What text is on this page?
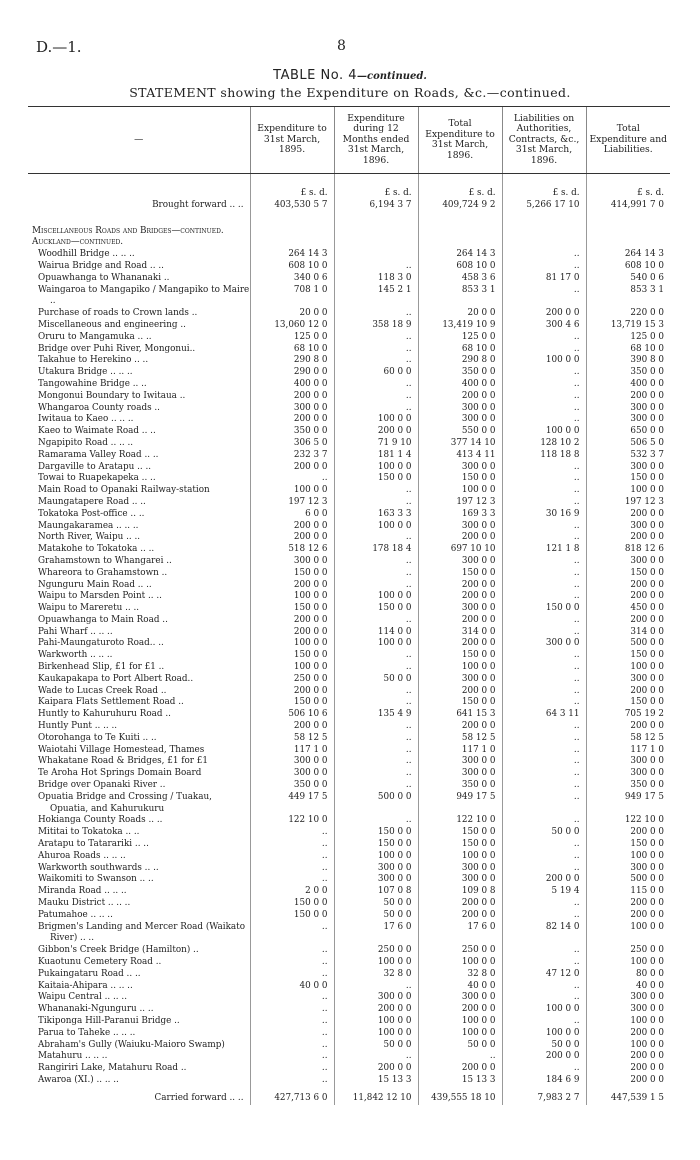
D.—1.	8
TABLE No. 4—continued.
STATEMENT showing the Expenditure on Roads, &c.—continued.
—	Expenditure to 31st March, 1895.	Expenditure during 12 Months ended 31st March, 1896.	Total Expenditure to 31st March, 1896.	Liabilities on Authorities, Contracts, &c., 31st March, 1896.	Total Expenditure and Liabilities.
	£ s. d.	£ s. d.	£ s. d.	£ s. d.	£ s. d.
Brought forward .. ..	403,530 5 7	6,194 3 7	409,724 9 2	5,266 17 10	414,991 7 0
Miscellaneous Roads and Bridges—continued.					
Auckland—continued.					
Woodhill Bridge .. .. ..	264 14 3		264 14 3	..	264 14 3
Wairua Bridge and Road .. ..	608 10 0	..	608 10 0	..	608 10 0
Opuawhanga to Whananaki ..	340 0 6	118 3 0	458 3 6	81 17 0	540 0 6
Waingaroa to Mangapiko / Mangapiko to Maire ..	708 1 0	145 2 1	853 3 1	..	853 3 1
Purchase of roads to Crown lands ..	20 0 0	..	20 0 0	200 0 0	220 0 0
Miscellaneous and engineering ..	13,060 12 0	358 18 9	13,419 10 9	300 4 6	13,719 15 3
Oruru to Mangamuka .. ..	125 0 0	..	125 0 0	..	125 0 0
Bridge over Puhi River, Mongonui..	68 10 0	..	68 10 0	..	68 10 0
Takahue to Herekino .. ..	290 8 0	..	290 8 0	100 0 0	390 8 0
Utakura Bridge .. .. ..	290 0 0	60 0 0	350 0 0	..	350 0 0
Tangowahine Bridge .. ..	400 0 0	..	400 0 0	..	400 0 0
Mongonui Boundary to Iwitaua ..	200 0 0	..	200 0 0	..	200 0 0
Whangaroa County roads ..	300 0 0	..	300 0 0	..	300 0 0
Iwitaua to Kaeo .. .. ..	200 0 0	100 0 0	300 0 0	..	300 0 0
Kaeo to Waimate Road .. ..	350 0 0	200 0 0	550 0 0	100 0 0	650 0 0
Ngapipito Road .. .. ..	306 5 0	71 9 10	377 14 10	128 10 2	506 5 0
Ramarama Valley Road .. ..	232 3 7	181 1 4	413 4 11	118 18 8	532 3 7
Dargaville to Aratapu .. ..	200 0 0	100 0 0	300 0 0	..	300 0 0
Towai to Ruapekapeka .. ..	..	150 0 0	150 0 0	..	150 0 0
Main Road to Opanaki Railway-station	100 0 0	..	100 0 0	..	100 0 0
Maungatapere Road .. ..	197 12 3	..	197 12 3	..	197 12 3
Tokatoka Post-office .. ..	6 0 0	163 3 3	169 3 3	30 16 9	200 0 0
Maungakaramea .. .. ..	200 0 0	100 0 0	300 0 0	..	300 0 0
North River, Waipu .. ..	200 0 0	..	200 0 0	..	200 0 0
Matakohe to Tokatoka .. ..	518 12 6	178 18 4	697 10 10	121 1 8	818 12 6
Grahamstown to Whangarei ..	300 0 0	..	300 0 0	..	300 0 0
Whareora to Grahamstown ..	150 0 0	..	150 0 0	..	150 0 0
Ngunguru Main Road .. ..	200 0 0	..	200 0 0	..	200 0 0
Waipu to Marsden Point .. ..	100 0 0	100 0 0	200 0 0	..	200 0 0
Waipu to Mareretu .. ..	150 0 0	150 0 0	300 0 0	150 0 0	450 0 0
Opuawhanga to Main Road ..	200 0 0	..	200 0 0	..	200 0 0
Pahi Wharf .. .. ..	200 0 0	114 0 0	314 0 0	..	314 0 0
Pahi-Maungaturoto Road.. ..	100 0 0	100 0 0	200 0 0	300 0 0	500 0 0
Warkworth .. .. ..	150 0 0	..	150 0 0	..	150 0 0
Birkenhead Slip, £1 for £1 ..	100 0 0	..	100 0 0	..	100 0 0
Kaukapakapa to Port Albert Road..	250 0 0	50 0 0	300 0 0	..	300 0 0
Wade to Lucas Creek Road ..	200 0 0	..	200 0 0	..	200 0 0
Kaipara Flats Settlement Road ..	150 0 0	..	150 0 0	..	150 0 0
Huntly to Kahuruhuru Road ..	506 10 6	135 4 9	641 15 3	64 3 11	705 19 2
Huntly Punt .. .. ..	200 0 0	..	200 0 0	..	200 0 0
Otorohanga to Te Kuiti .. ..	58 12 5	..	58 12 5	..	58 12 5
Waiotahi Village Homestead, Thames	117 1 0	..	117 1 0	..	117 1 0
Whakatane Road & Bridges, £1 for £1	300 0 0	..	300 0 0	..	300 0 0
Te Aroha Hot Springs Domain Board	300 0 0	..	300 0 0	..	300 0 0
Bridge over Opanaki River ..	350 0 0	..	350 0 0	..	350 0 0
Opuatia Bridge and Crossing / Tuakau, Opuatia, and Kahurukuru	449 17 5	500 0 0	949 17 5	..	949 17 5
Hokianga County Roads .. ..	122 10 0	..	122 10 0	..	122 10 0
Mititai to Tokatoka .. ..	..	150 0 0	150 0 0	50 0 0	200 0 0
Aratapu to Tatarariki .. ..	..	150 0 0	150 0 0	..	150 0 0
Ahuroa Roads .. .. ..	..	100 0 0	100 0 0	..	100 0 0
Warkworth southwards .. ..	..	300 0 0	300 0 0	..	300 0 0
Waikomiti to Swanson .. ..	..	300 0 0	300 0 0	200 0 0	500 0 0
Miranda Road .. .. ..	2 0 0	107 0 8	109 0 8	5 19 4	115 0 0
Mauku District .. .. ..	150 0 0	50 0 0	200 0 0	..	200 0 0
Patumahoe .. .. ..	150 0 0	50 0 0	200 0 0	..	200 0 0
Brigmen's Landing and Mercer Road (Waikato River) .. ..	..	17 6 0	17 6 0	82 14 0	100 0 0
Gibbon's Creek Bridge (Hamilton) ..	..	250 0 0	250 0 0	..	250 0 0
Kuaotunu Cemetery Road ..	..	100 0 0	100 0 0	..	100 0 0
Pukaingataru Road .. ..	..	32 8 0	32 8 0	47 12 0	80 0 0
Kaitaia-Ahipara .. .. ..	40 0 0	..	40 0 0	..	40 0 0
Waipu Central .. .. ..	..	300 0 0	300 0 0	..	300 0 0
Whananaki-Ngunguru .. ..	..	200 0 0	200 0 0	100 0 0	300 0 0
Tikiponga Hill-Paranui Bridge ..	..	100 0 0	100 0 0	..	100 0 0
Parua to Taheke .. .. ..	..	100 0 0	100 0 0	100 0 0	200 0 0
Abraham's Gully (Waiuku-Maioro Swamp)	..	50 0 0	50 0 0	50 0 0	100 0 0
Matahuru .. .. ..	..	..	..	200 0 0	200 0 0
Rangiriri Lake, Matahuru Road ..	..	200 0 0	200 0 0	..	200 0 0
Awaroa (XI.) .. .. ..	..	15 13 3	15 13 3	184 6 9	200 0 0
Carried forward .. ..	427,713 6 0	11,842 12 10	439,555 18 10	7,983 2 7	447,539 1 5
